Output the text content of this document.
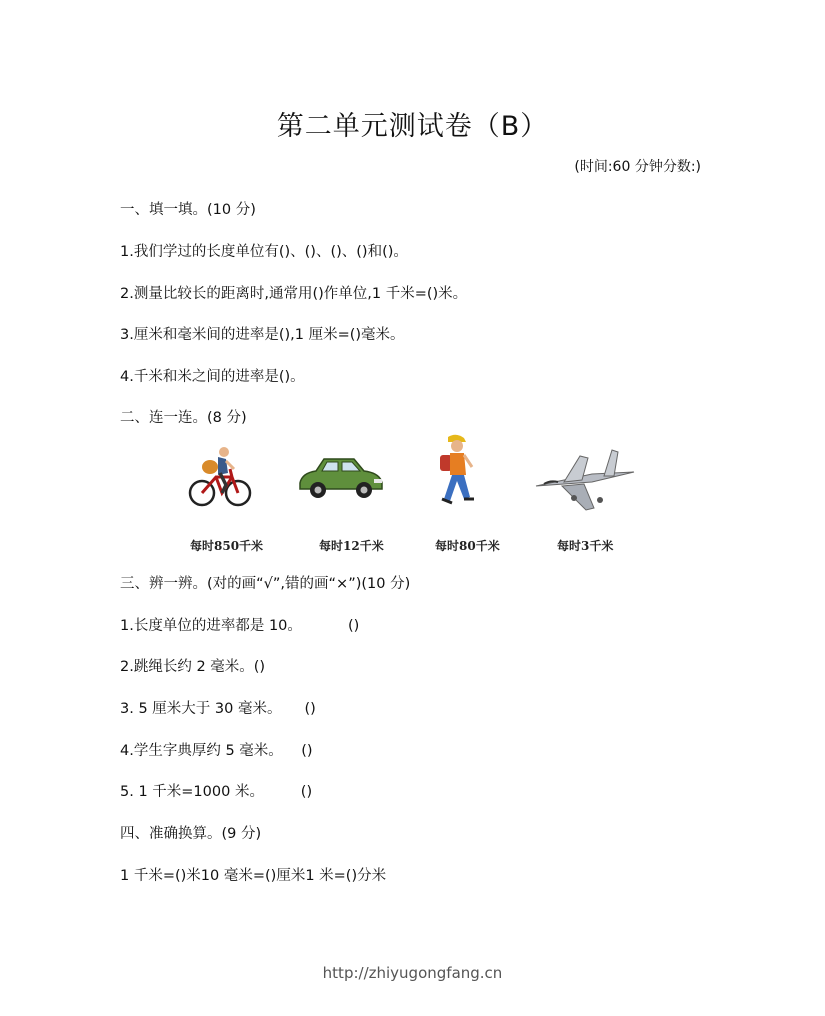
第二单元测试卷（B）
(时间:60 分钟分数:)
一、填一填。(10 分)
1.我们学过的长度单位有()、()、()、()和()。
2.测量比较长的距离时,通常用()作单位,1 千米=()米。
3.厘米和毫米间的进率是(),1 厘米=()毫米。
4.千米和米之间的进率是()。
二、连一连。(8 分)
每时850千米	每时12千米	每时80千米	每时3千米
三、辨一辨。(对的画“√”,错的画“×”)(10 分)
1.长度单位的进率都是 10。          ()
2.跳绳长约 2 毫米。()
3. 5 厘米大于 30 毫米。     ()
4.学生字典厚约 5 毫米。    ()
5. 1 千米=1000 米。        ()
四、准确换算。(9 分)
1 千米=()米10 毫米=()厘米1 米=()分米
http://zhiyugongfang.cn
